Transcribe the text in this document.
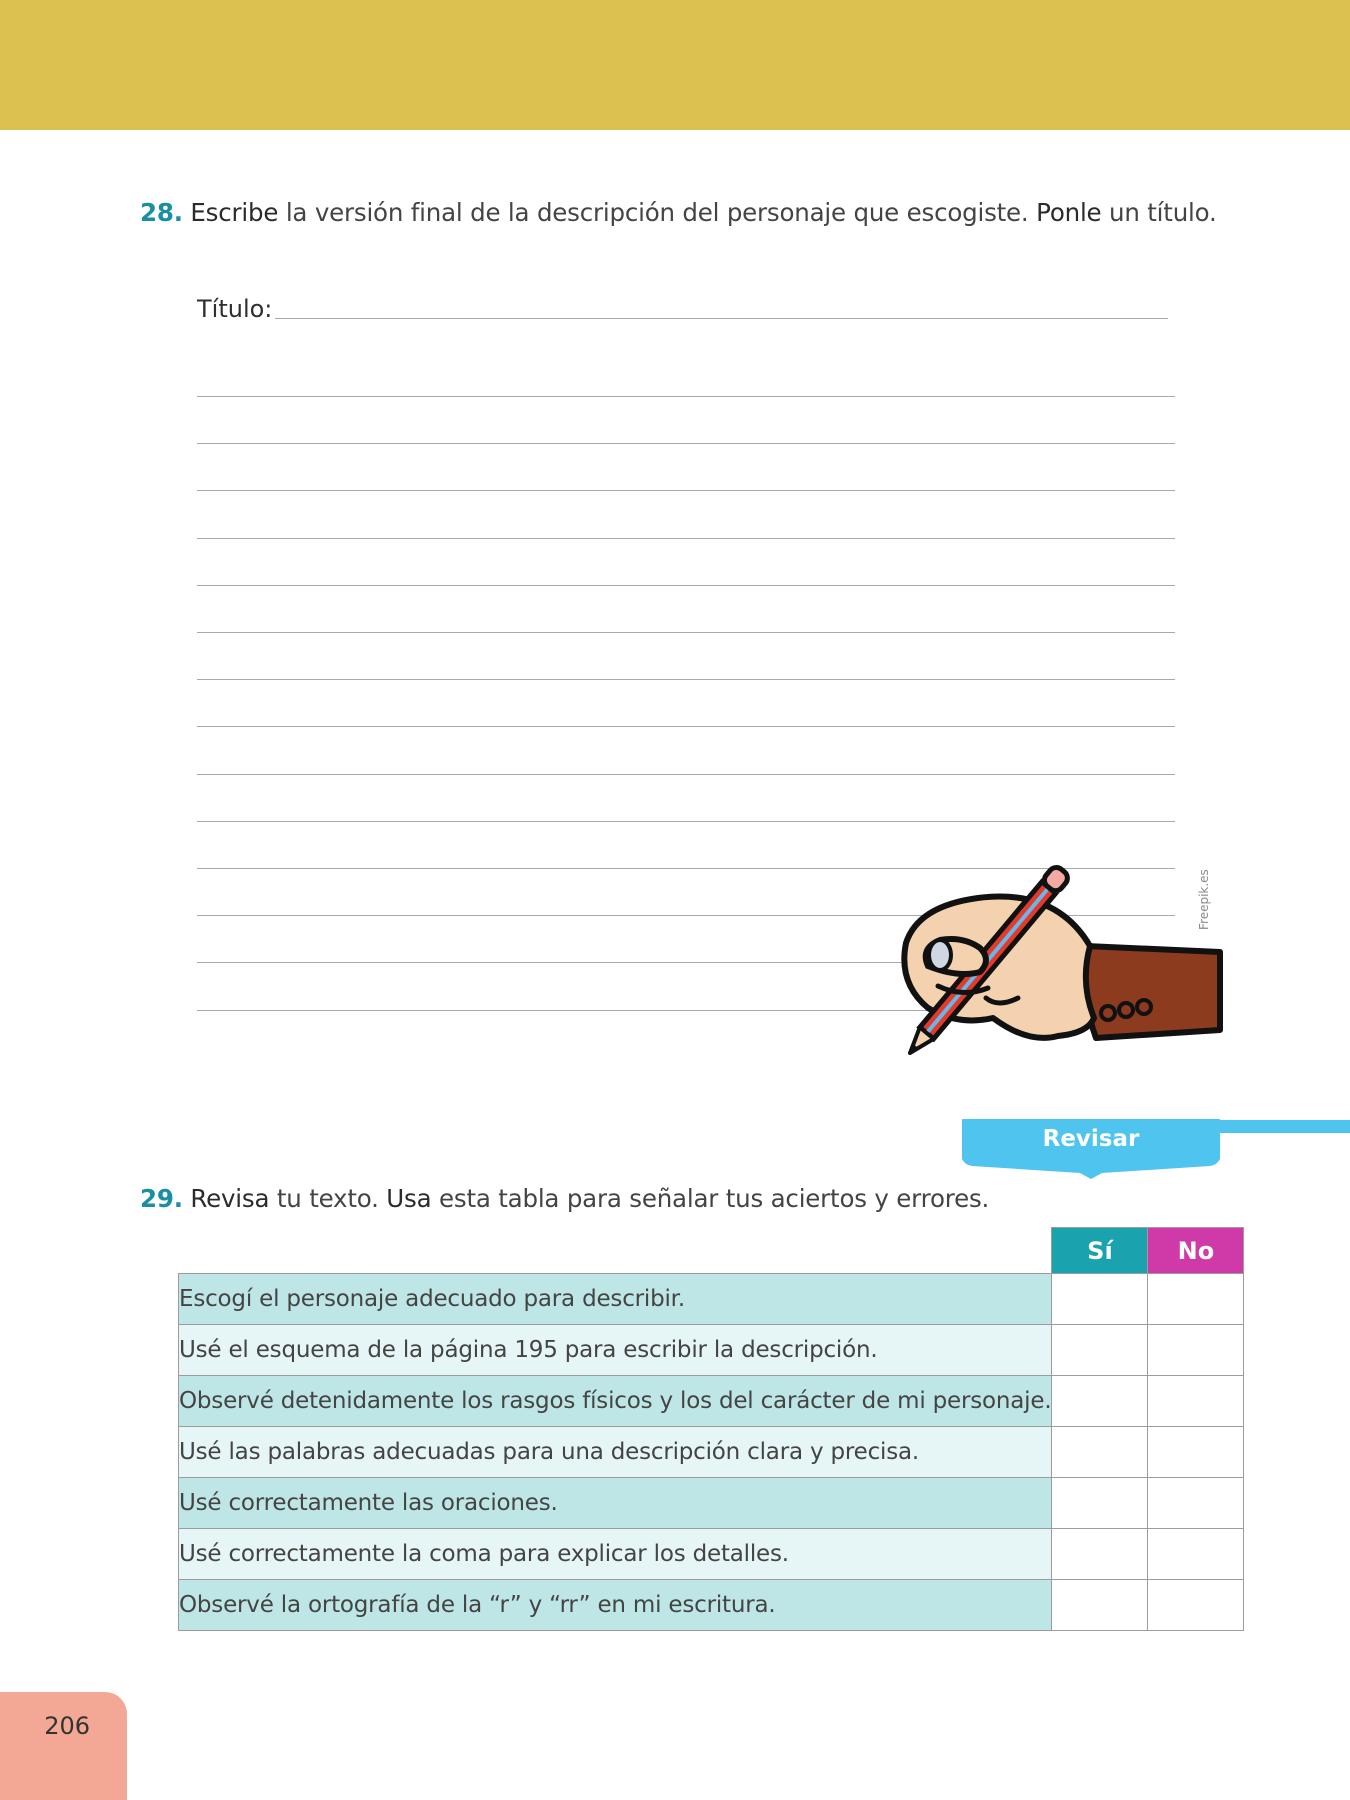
28. Escribe la versión final de la descripción del personaje que escogiste. Ponle un título.
Título:
Freepik.es
Revisar
29. Revisa tu texto. Usa esta tabla para señalar tus aciertos y errores.
	Sí	No
Escogí el personaje adecuado para describir.		
Usé el esquema de la página 195 para escribir la descripción.		
Observé detenidamente los rasgos físicos y los del carácter de mi personaje.		
Usé las palabras adecuadas para una descripción clara y precisa.		
Usé correctamente las oraciones.		
Usé correctamente la coma para explicar los detalles.		
Observé la ortografía de la “r” y “rr” en mi escritura.		
206
